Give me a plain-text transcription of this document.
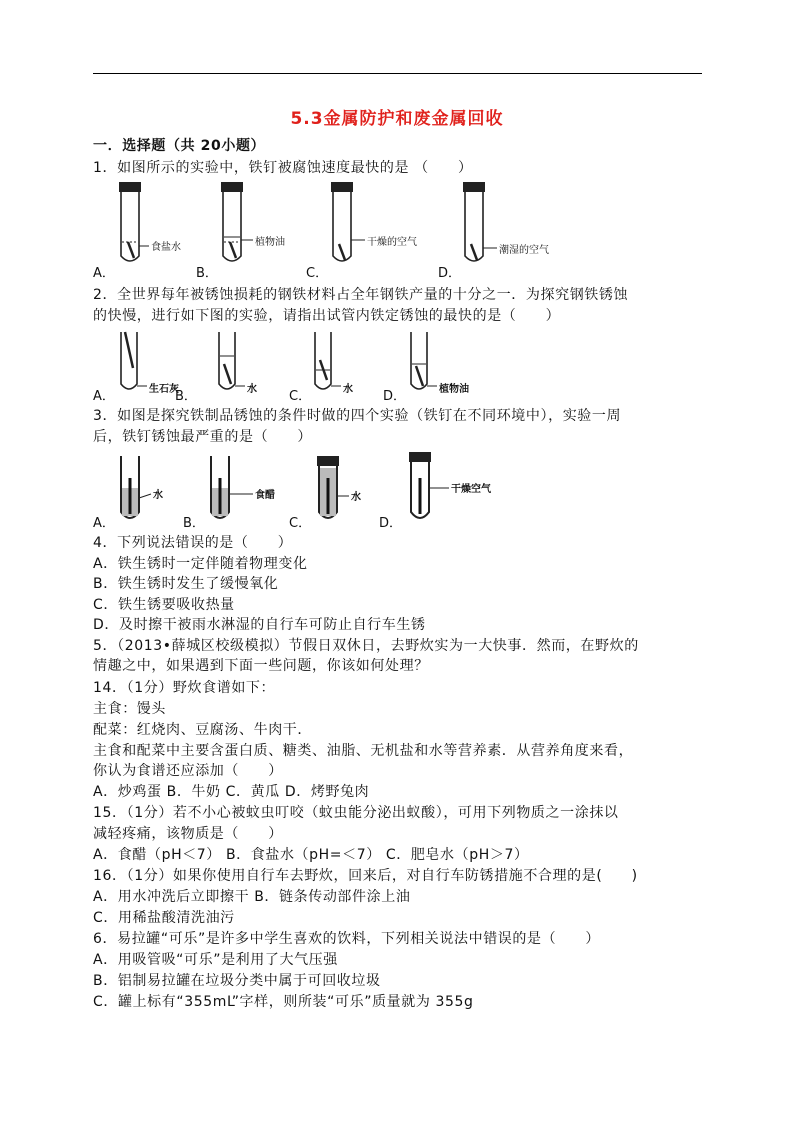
5.3金属防护和废金属回收
一．选择题（共 20小题）
1．如图所示的实验中，铁钉被腐蚀速度最快的是 （　　）
食盐水	植物油	干燥的空气
潮湿的空气
A．	B．	C．	D．
2．全世界每年被锈蚀损耗的钢铁材料占全年钢铁产量的十分之一．为探究钢铁锈蚀
的快慢，进行如下图的实验，请指出试管内铁定锈蚀的最快的是（　　）
生石灰	水	水	植物油
A．	B．	C．	D．
3．如图是探究铁制品锈蚀的条件时做的四个实验（铁钉在不同环境中），实验一周
后，铁钉锈蚀最严重的是（　　）
水	食醋	水
干燥空气
A．	B．	C．	D．
4．下列说法错误的是（　　）
A．铁生锈时一定伴随着物理变化
B．铁生锈时发生了缓慢氧化
C．铁生锈要吸收热量
D．及时擦干被雨水淋湿的自行车可防止自行车生锈
5．（2013•薛城区校级模拟）节假日双休日，去野炊实为一大快事．然而，在野炊的
情趣之中，如果遇到下面一些问题，你该如何处理？
14．（1分）野炊食谱如下：
主食：馒头
配菜：红烧肉、豆腐汤、牛肉干．
主食和配菜中主要含蛋白质、糖类、油脂、无机盐和水等营养素．从营养角度来看，
你认为食谱还应添加（　　）
A．炒鸡蛋 B．牛奶 C．黄瓜 D．烤野兔肉
15．（1分）若不小心被蚊虫叮咬（蚊虫能分泌出蚁酸），可用下列物质之一涂抹以
减轻疼痛，该物质是（　　）
A．食醋（pH＜7） B．食盐水（pH=＜7） C．肥皂水（pH＞7）
16．（1分）如果你使用自行车去野炊，回来后，对自行车防锈措施不合理的是(　　)
A．用水冲洗后立即擦干 B．链条传动部件涂上油
C．用稀盐酸清洗油污
6．易拉罐“可乐”是许多中学生喜欢的饮料，下列相关说法中错误的是（　　）
A．用吸管吸“可乐”是利用了大气压强
B．铝制易拉罐在垃圾分类中属于可回收垃圾
C．罐上标有“355mL”字样，则所装“可乐”质量就为 355g
